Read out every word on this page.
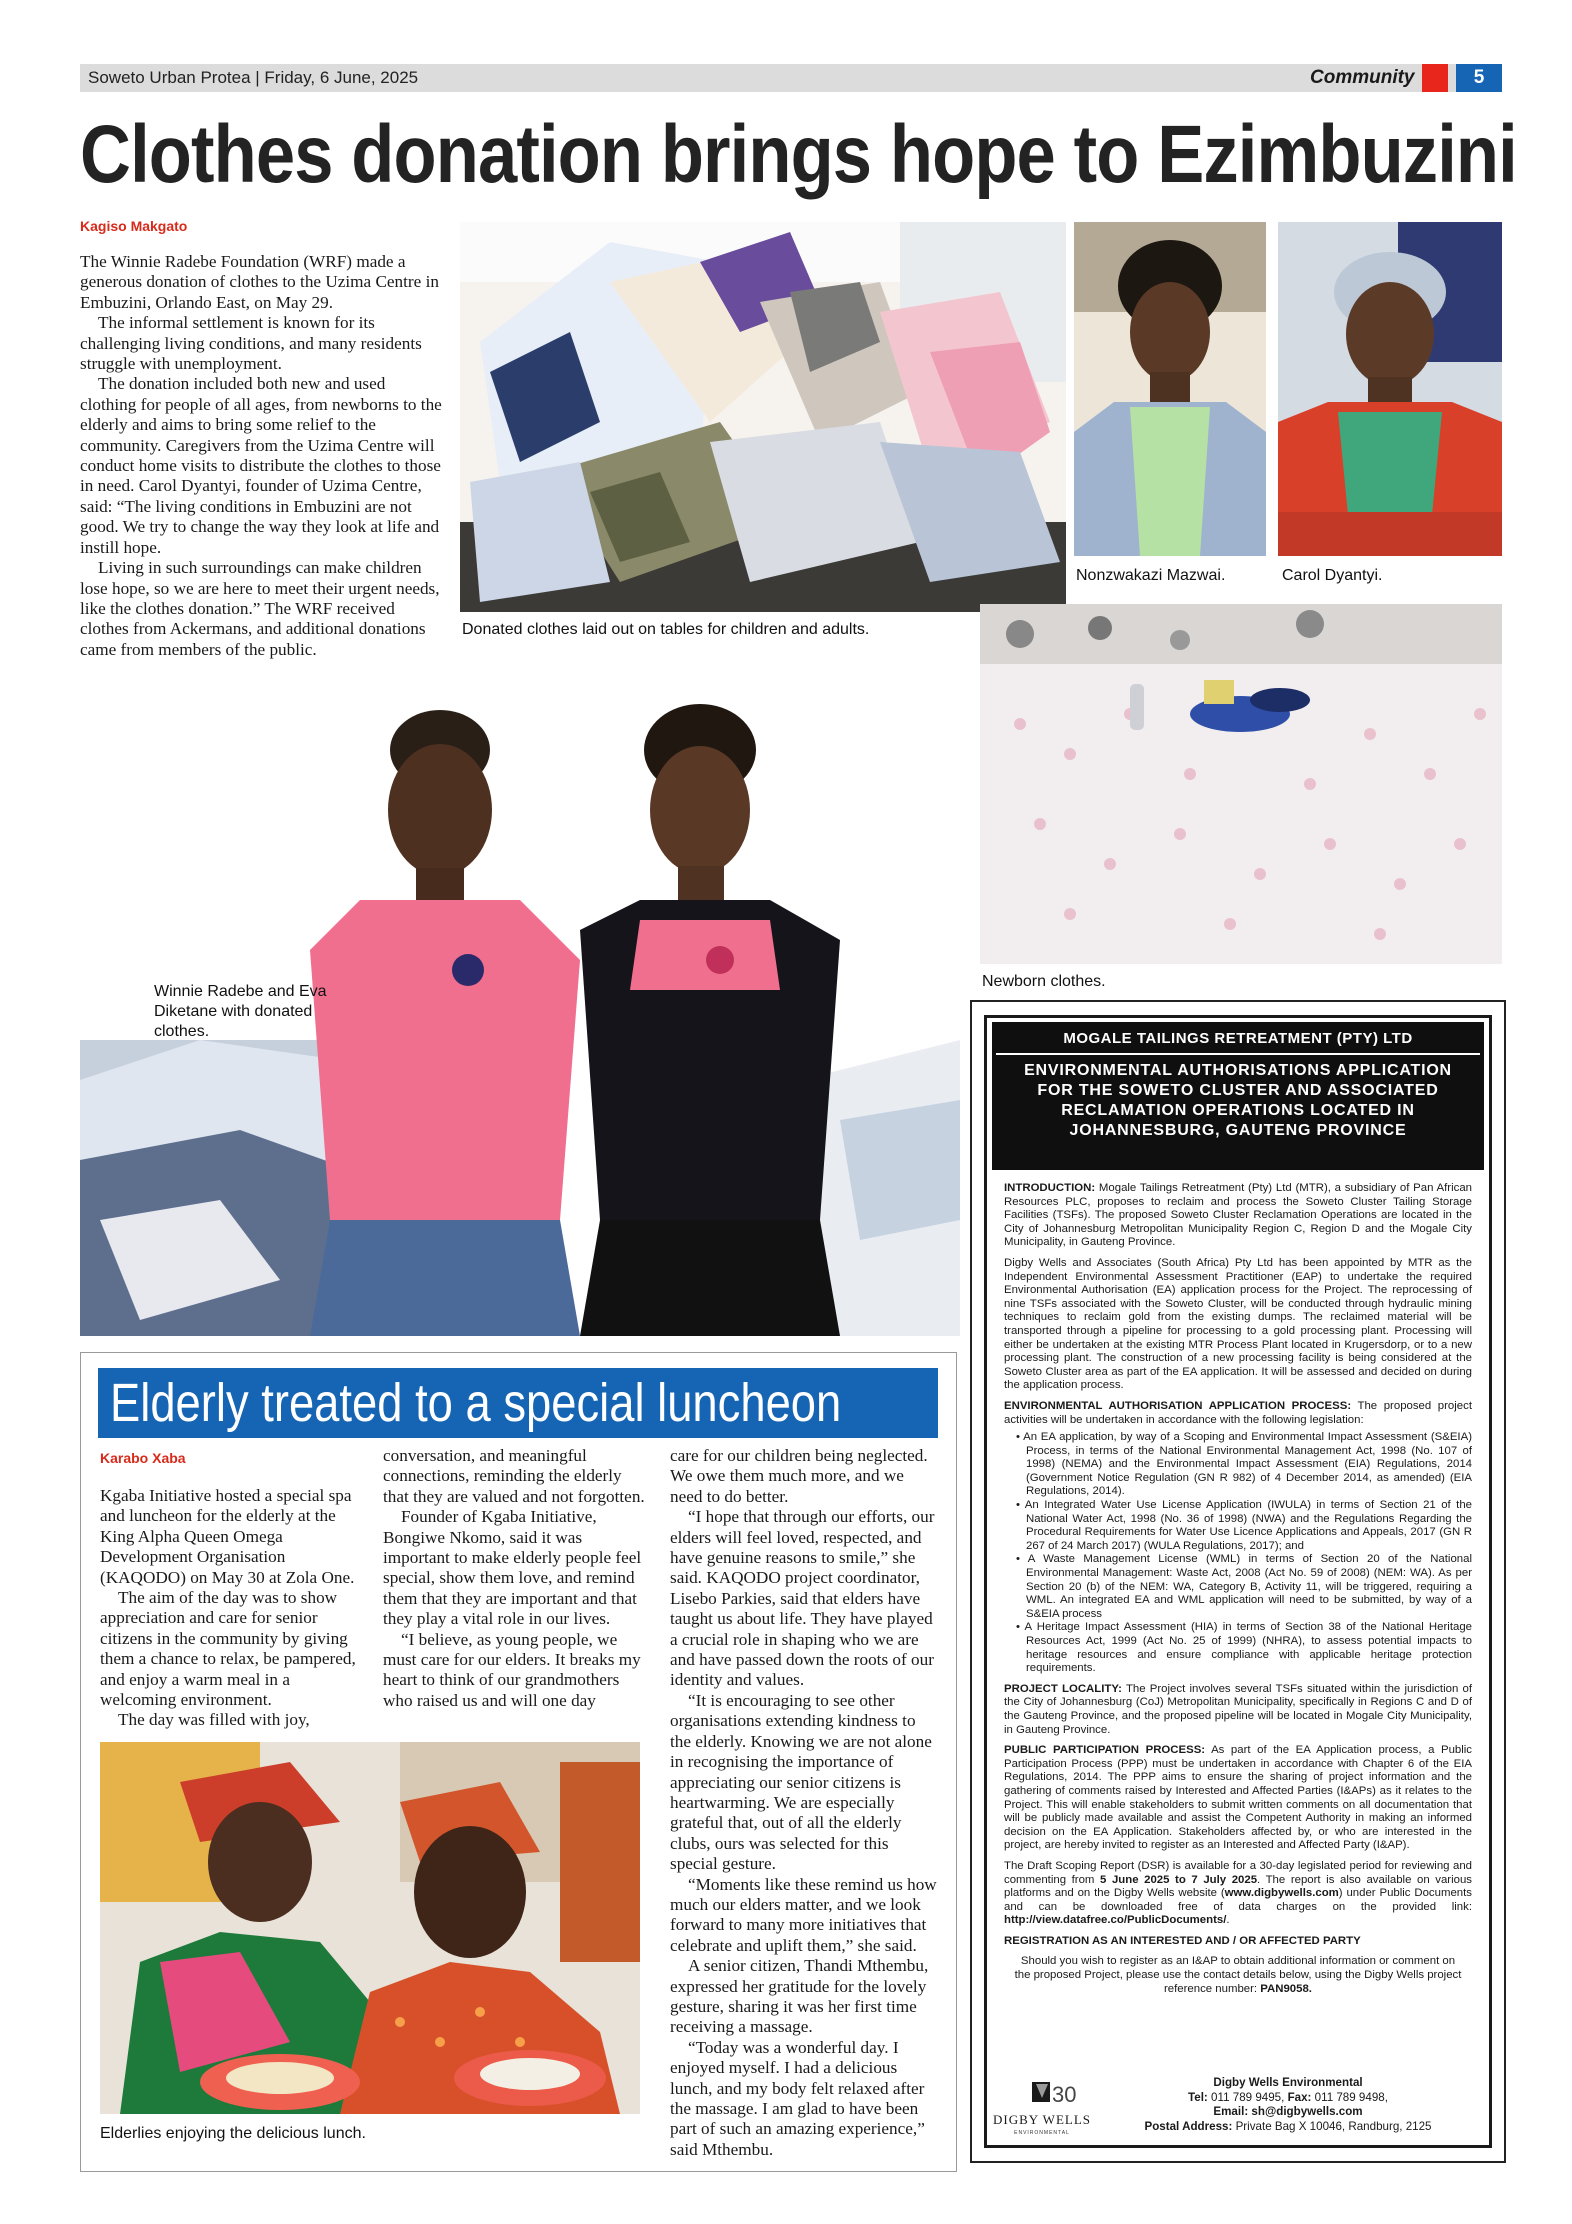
Soweto Urban Protea | Friday, 6 June, 2025	Community	5
Clothes donation brings hope to Ezimbuzini
Kagiso Makgato

The Winnie Radebe Foundation (WRF) made a generous donation of clothes to the Uzima Centre in Embuzini, Orlando East, on May 29.

The informal settlement is known for its challenging living conditions, and many residents struggle with unemployment.

The donation included both new and used clothing for people of all ages, from newborns to the elderly and aims to bring some relief to the community. Caregivers from the Uzima Centre will conduct home visits to distribute the clothes to those in need. Carol Dyantyi, founder of Uzima Centre, said: “The living conditions in Embuzini are not good. We try to change the way they look at life and instill hope.

Living in such surroundings can make children lose hope, so we are here to meet their urgent needs, like the clothes donation.” The WRF received clothes from Ackermans, and additional donations came from members of the public.

Donated clothes laid out on tables for children and adults.
Nonzwakazi Mazwai.	Carol Dyantyi.
Newborn clothes.
Winnie Radebe and Eva Diketane with donated clothes.
Elderly treated to a special luncheon
Karabo Xaba

Kgaba Initiative hosted a special spa and luncheon for the elderly at the King Alpha Queen Omega Development Organisation (KAQODO) on May 30 at Zola One.

The aim of the day was to show appreciation and care for senior citizens in the community by giving them a chance to relax, be pampered, and enjoy a warm meal in a welcoming environment.

The day was filled with joy,

conversation, and meaningful connections, reminding the elderly that they are valued and not forgotten.

Founder of Kgaba Initiative, Bongiwe Nkomo, said it was important to make elderly people feel special, show them love, and remind them that they are important and that they play a vital role in our lives.

“I believe, as young people, we must care for our elders. It breaks my heart to think of our grandmothers who raised us and will one day

care for our children being neglected. We owe them much more, and we need to do better.

“I hope that through our efforts, our elders will feel loved, respected, and have genuine reasons to smile,” she said. KAQODO project coordinator, Lisebo Parkies, said that elders have taught us about life. They have played a crucial role in shaping who we are and have passed down the roots of our identity and values.

“It is encouraging to see other organisations extending kindness to the elderly. Knowing we are not alone in recognising the importance of appreciating our senior citizens is heartwarming. We are especially grateful that, out of all the elderly clubs, ours was selected for this special gesture.

“Moments like these remind us how much our elders matter, and we look forward to many more initiatives that celebrate and uplift them,” she said.

A senior citizen, Thandi Mthembu, expressed her gratitude for the lovely gesture, sharing it was her first time receiving a massage.

“Today was a wonderful day. I enjoyed myself. I had a delicious lunch, and my body felt relaxed after the massage. I am glad to have been part of such an amazing experience,” said Mthembu.

Elderlies enjoying the delicious lunch.
MOGALE TAILINGS RETREATMENT (PTY) LTD
ENVIRONMENTAL AUTHORISATIONS APPLICATION FOR THE SOWETO CLUSTER AND ASSOCIATED RECLAMATION OPERATIONS LOCATED IN JOHANNESBURG, GAUTENG PROVINCE
INTRODUCTION: Mogale Tailings Retreatment (Pty) Ltd (MTR), a subsidiary of Pan African Resources PLC, proposes to reclaim and process the Soweto Cluster Tailing Storage Facilities (TSFs). The proposed Soweto Cluster Reclamation Operations are located in the City of Johannesburg Metropolitan Municipality Region C, Region D and the Mogale City Municipality, in Gauteng Province.
Digby Wells and Associates (South Africa) Pty Ltd has been appointed by MTR as the Independent Environmental Assessment Practitioner (EAP) to undertake the required Environmental Authorisation (EA) application process for the Project. The reprocessing of nine TSFs associated with the Soweto Cluster, will be conducted through hydraulic mining techniques to reclaim gold from the existing dumps. The reclaimed material will be transported through a pipeline for processing to a gold processing plant. Processing will either be undertaken at the existing MTR Process Plant located in Krugersdorp, or to a new processing plant. The construction of a new processing facility is being considered at the Soweto Cluster area as part of the EA application. It will be assessed and decided on during the application process.
ENVIRONMENTAL AUTHORISATION APPLICATION PROCESS: The proposed project activities will be undertaken in accordance with the following legislation:
• An EA application, by way of a Scoping and Environmental Impact Assessment (S&EIA) Process, in terms of the National Environmental Management Act, 1998 (No. 107 of 1998) (NEMA) and the Environmental Impact Assessment (EIA) Regulations, 2014 (Government Notice Regulation (GN R 982) of 4 December 2014, as amended) (EIA Regulations, 2014).
• An Integrated Water Use License Application (IWULA) in terms of Section 21 of the National Water Act, 1998 (No. 36 of 1998) (NWA) and the Regulations Regarding the Procedural Requirements for Water Use Licence Applications and Appeals, 2017 (GN R 267 of 24 March 2017) (WULA Regulations, 2017); and
• A Waste Management License (WML) in terms of Section 20 of the National Environmental Management: Waste Act, 2008 (Act No. 59 of 2008) (NEM: WA). As per Section 20 (b) of the NEM: WA, Category B, Activity 11, will be triggered, requiring a WML. An integrated EA and WML application will need to be submitted, by way of a S&EIA process
• A Heritage Impact Assessment (HIA) in terms of Section 38 of the National Heritage Resources Act, 1999 (Act No. 25 of 1999) (NHRA), to assess potential impacts to heritage resources and ensure compliance with applicable heritage protection requirements.
PROJECT LOCALITY: The Project involves several TSFs situated within the jurisdiction of the City of Johannesburg (CoJ) Metropolitan Municipality, specifically in Regions C and D of the Gauteng Province, and the proposed pipeline will be located in Mogale City Municipality, in Gauteng Province.
PUBLIC PARTICIPATION PROCESS: As part of the EA Application process, a Public Participation Process (PPP) must be undertaken in accordance with Chapter 6 of the EIA Regulations, 2014. The PPP aims to ensure the sharing of project information and the gathering of comments raised by Interested and Affected Parties (I&APs) as it relates to the Project. This will enable stakeholders to submit written comments on all documentation that will be publicly made available and assist the Competent Authority in making an informed decision on the EA Application. Stakeholders affected by, or who are interested in the project, are hereby invited to register as an Interested and Affected Party (I&AP).
The Draft Scoping Report (DSR) is available for a 30-day legislated period for reviewing and commenting from 5 June 2025 to 7 July 2025. The report is also available on various platforms and on the Digby Wells website (www.digbywells.com) under Public Documents and can be downloaded free of data charges on the provided link: http://view.datafree.co/PublicDocuments/.
REGISTRATION AS AN INTERESTED AND / OR AFFECTED PARTY
Should you wish to register as an I&AP to obtain additional information or comment on the proposed Project, please use the contact details below, using the Digby Wells project reference number: PAN9058.
30
DIGBY WELLS
ENVIRONMENTAL
Digby Wells Environmental
Tel: 011 789 9495, Fax: 011 789 9498,
Email: sh@digbywells.com
Postal Address: Private Bag X 10046, Randburg, 2125
